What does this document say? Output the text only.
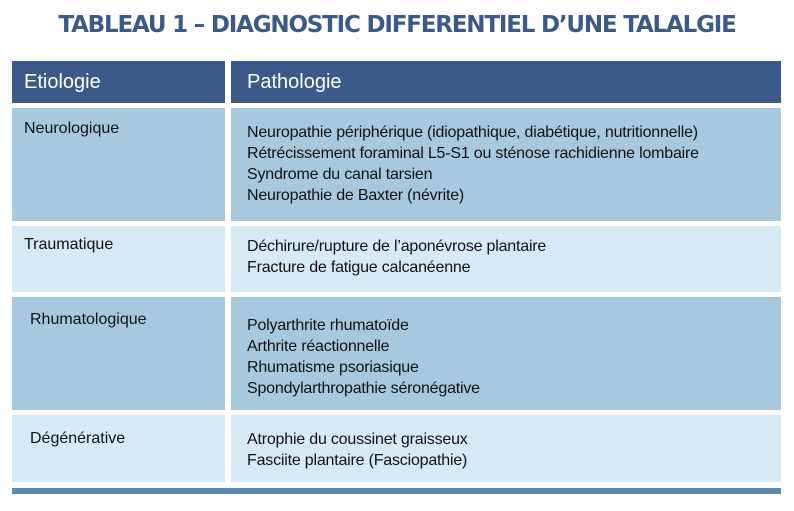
TABLEAU 1 – DIAGNOSTIC DIFFERENTIEL D’UNE TALALGIE
Etiologie	Pathologie
Neurologique	Neuropathie périphérique (idiopathique, diabétique, nutritionnelle)
Rétrécissement foraminal L5-S1 ou sténose rachidienne lombaire
Syndrome du canal tarsien
Neuropathie de Baxter (névrite)
Traumatique	Déchirure/rupture de l’aponévrose plantaire
Fracture de fatigue calcanéenne
Rhumatologique	Polyarthrite rhumatoïde
Arthrite réactionnelle
Rhumatisme psoriasique
Spondylarthropathie séronégative
Dégénérative	Atrophie du coussinet graisseux
Fasciite plantaire (Fasciopathie)
